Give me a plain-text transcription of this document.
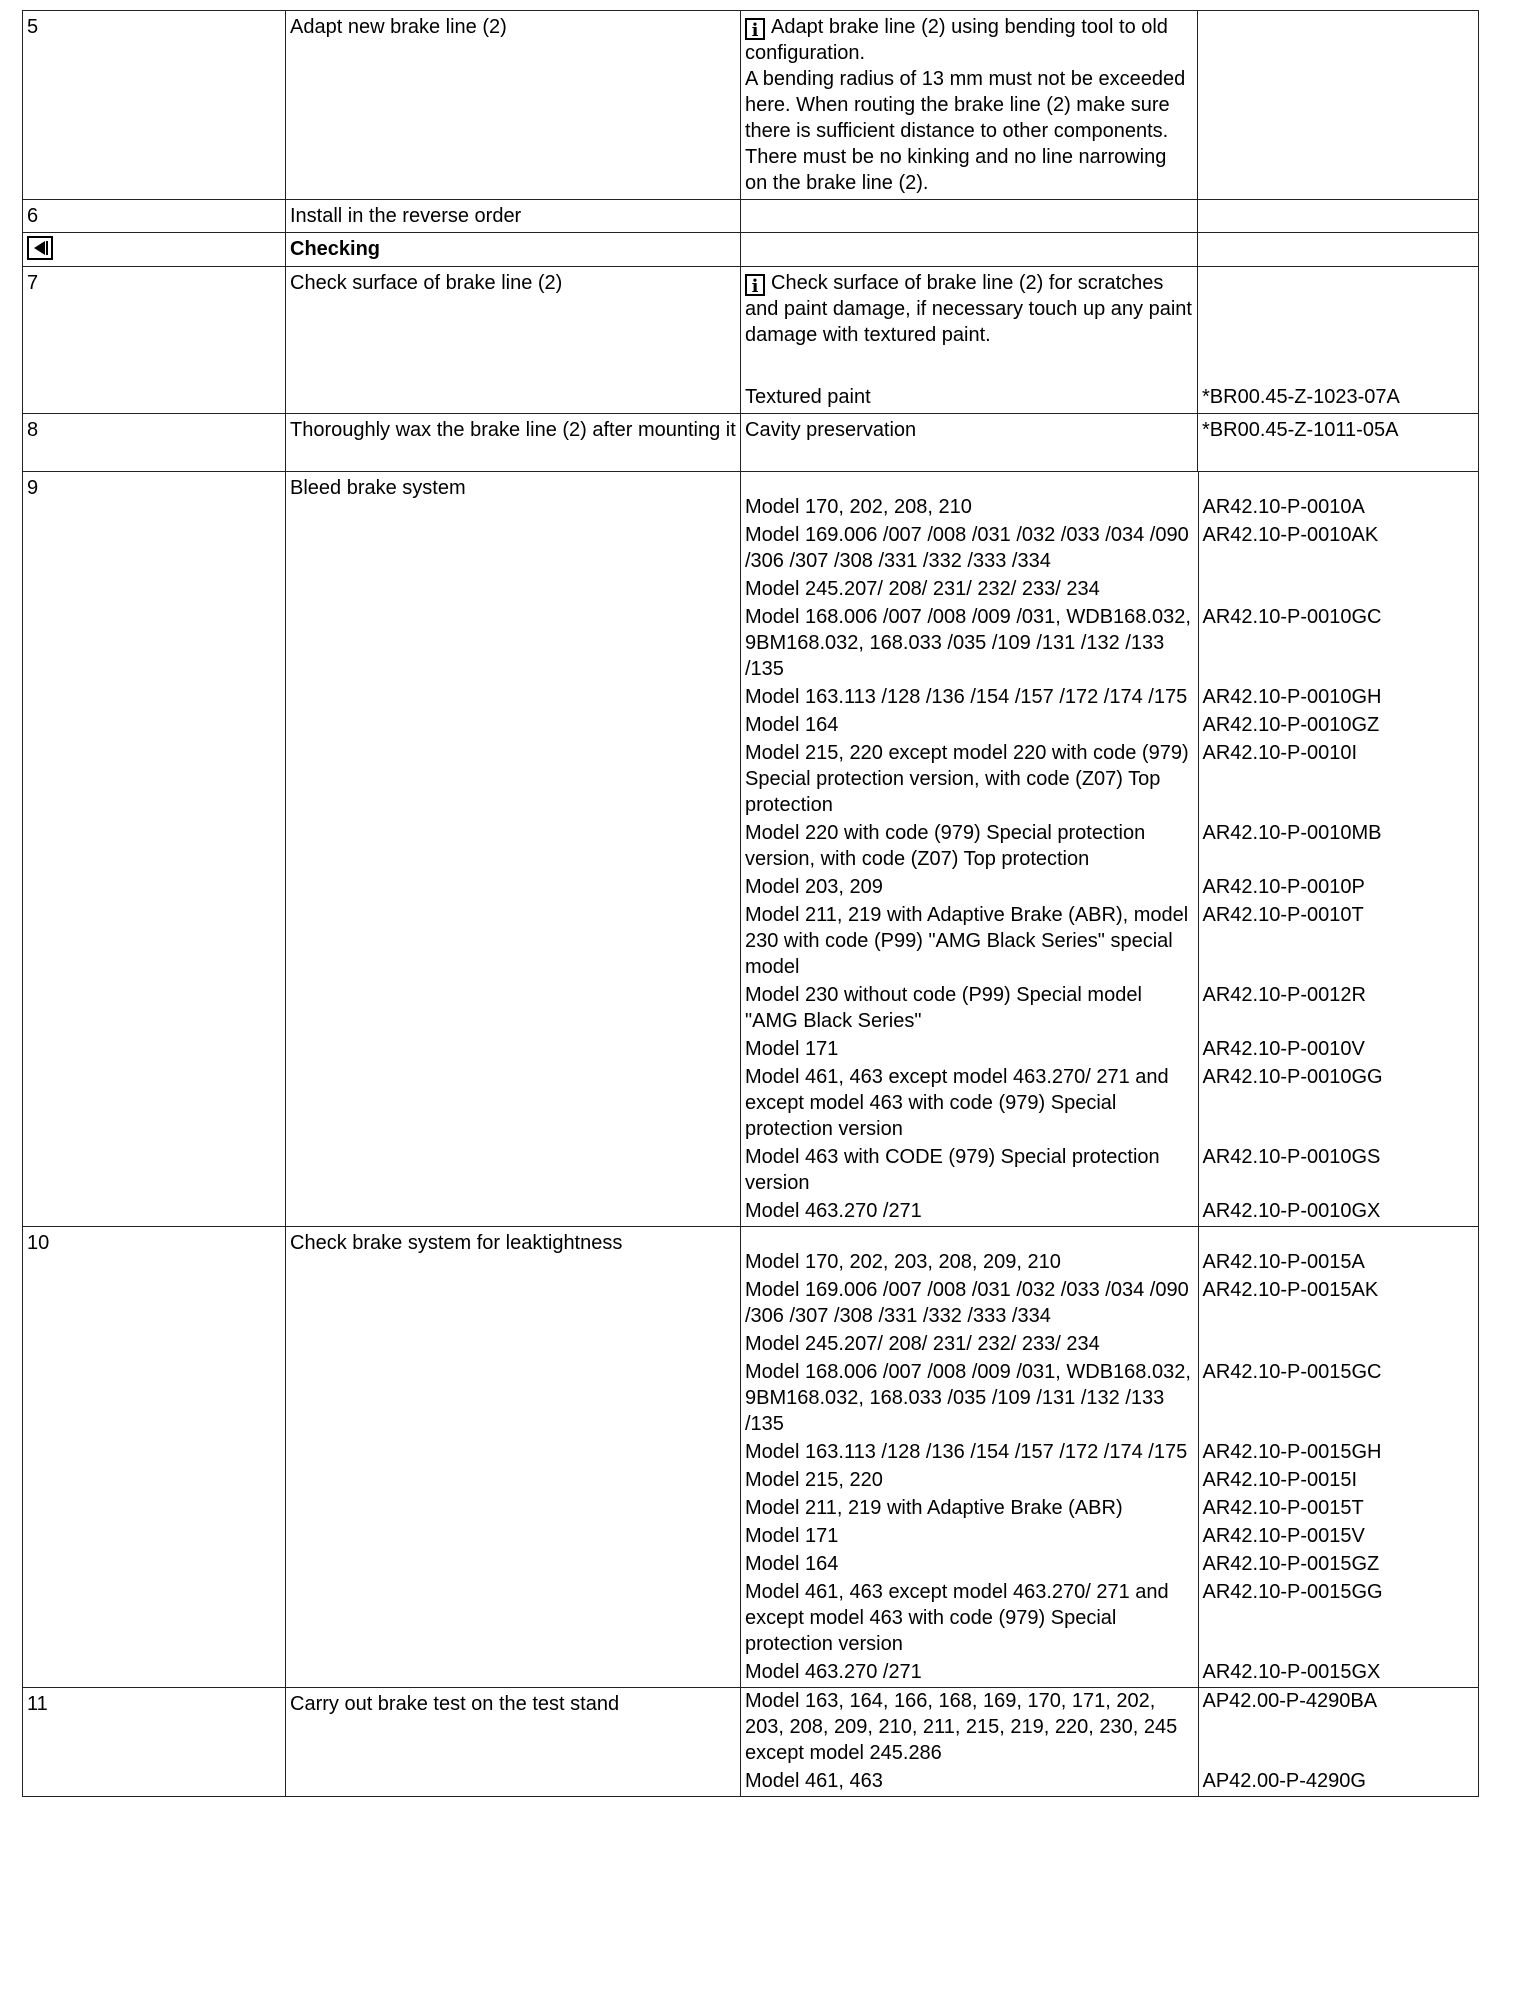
5	Adapt new brake line (2)	i Adapt brake line (2) using bending tool to old configuration.
A bending radius of 13 mm must not be exceeded here. When routing the brake line (2) make sure there is sufficient distance to other components. There must be no kinking and no line narrowing on the brake line (2).	
6	Install in the reverse order		
	Checking		
7	Check surface of brake line (2)	i Check surface of brake line (2) for scratches and paint damage, if necessary touch up any paint damage with textured paint.
Textured paint	*BR00.45-Z-1023-07A

8	Thoroughly wax the brake line (2) after mounting it	Cavity preservation	*BR00.45-Z-1011-05A
9	Bleed brake system	

Model 170, 202, 208, 210	AR42.10-P-0010A
Model 169.006 /007 /008 /031 /032 /033 /034 /090 /306 /307 /308 /331 /332 /333 /334	AR42.10-P-0010AK
Model 245.207/ 208/ 231/ 232/ 233/ 234	
Model 168.006 /007 /008 /009 /031, WDB168.032, 9BM168.032, 168.033 /035 /109 /131 /132 /133 /135	AR42.10-P-0010GC
Model 163.113 /128 /136 /154 /157 /172 /174 /175	AR42.10-P-0010GH
Model 164	AR42.10-P-0010GZ
Model 215, 220 except model 220 with code (979) Special protection version, with code (Z07) Top protection	AR42.10-P-0010I
Model 220 with code (979) Special protection version, with code (Z07) Top protection	AR42.10-P-0010MB
Model 203, 209	AR42.10-P-0010P
Model 211, 219 with Adaptive Brake (ABR), model 230 with code (P99) "AMG Black Series" special model	AR42.10-P-0010T
Model 230 without code (P99) Special model "AMG Black Series"	AR42.10-P-0012R
Model 171	AR42.10-P-0010V
Model 461, 463 except model 463.270/ 271 and except model 463 with code (979) Special protection version	AR42.10-P-0010GG
Model 463 with CODE (979) Special protection version	AR42.10-P-0010GS
Model 463.270 /271	AR42.10-P-0010GX

10	Check brake system for leaktightness	

Model 170, 202, 203, 208, 209, 210	AR42.10-P-0015A
Model 169.006 /007 /008 /031 /032 /033 /034 /090 /306 /307 /308 /331 /332 /333 /334	AR42.10-P-0015AK
Model 245.207/ 208/ 231/ 232/ 233/ 234	
Model 168.006 /007 /008 /009 /031, WDB168.032, 9BM168.032, 168.033 /035 /109 /131 /132 /133 /135	AR42.10-P-0015GC
Model 163.113 /128 /136 /154 /157 /172 /174 /175	AR42.10-P-0015GH
Model 215, 220	AR42.10-P-0015I
Model 211, 219 with Adaptive Brake (ABR)	AR42.10-P-0015T
Model 171	AR42.10-P-0015V
Model 164	AR42.10-P-0015GZ
Model 461, 463 except model 463.270/ 271 and except model 463 with code (979) Special protection version	AR42.10-P-0015GG
Model 463.270 /271	AR42.10-P-0015GX

11	Carry out brake test on the test stand		Model 163, 164, 166, 168, 169, 170, 171, 202, 203, 208, 209, 210, 211, 215, 219, 220, 230, 245 except model 245.286	AP42.00-P-4290BA
Model 461, 463	AP42.00-P-4290G
